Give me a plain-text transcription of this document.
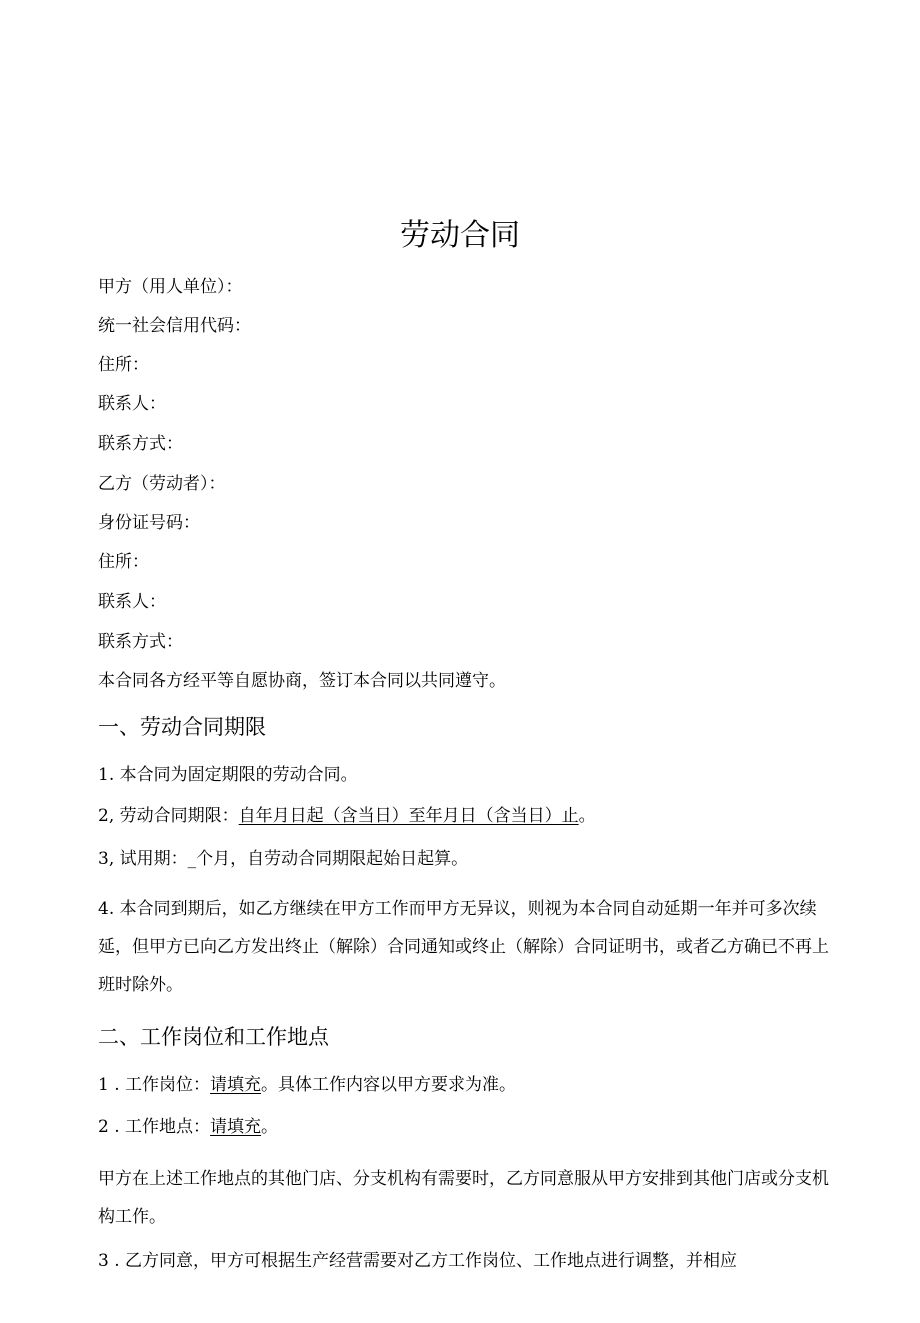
劳动合同
甲方（用人单位）：
统一社会信用代码：
住所：
联系人：
联系方式：
乙方（劳动者）：
身份证号码：
住所：
联系人：
联系方式：
本合同各方经平等自愿协商，签订本合同以共同遵守。
一、劳动合同期限
1. 本合同为固定期限的劳动合同。
2, 劳动合同期限：自年月日起（含当日）至年月日（含当日）止。
3, 试用期：_个月，自劳动合同期限起始日起算。
4. 本合同到期后，如乙方继续在甲方工作而甲方无异议，则视为本合同自动延期一年并可多次续延，但甲方已向乙方发出终止（解除）合同通知或终止（解除）合同证明书，或者乙方确已不再上班时除外。
二、工作岗位和工作地点
1 . 工作岗位：请填充。具体工作内容以甲方要求为准。
2 . 工作地点：请填充。
甲方在上述工作地点的其他门店、分支机构有需要时，乙方同意服从甲方安排到其他门店或分支机构工作。
3 . 乙方同意，甲方可根据生产经营需要对乙方工作岗位、工作地点进行调整，并相应
